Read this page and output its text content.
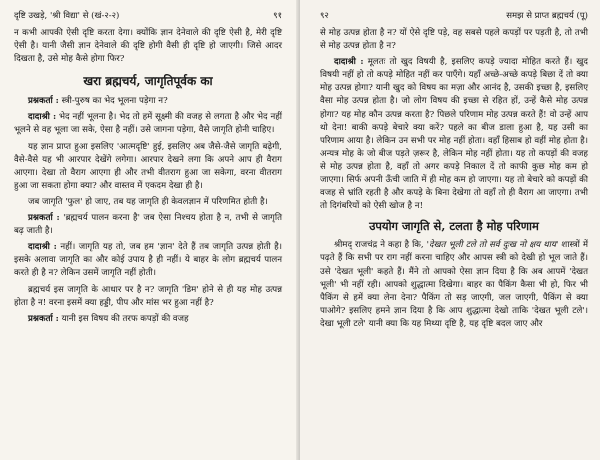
दृष्टि उखड़े, 'श्री विद्या' से (खं-२-२)	९१

न कभी आपकी ऐसी दृष्टि करता देगा। क्योंकि ज्ञान देनेवाले की दृष्टि ऐसी है, मेरी दृष्टि ऐसी है। यानी जैसी ज्ञान देनेवाले की दृष्टि होगी वैसी ही दृष्टि हो जाएगी। जिसे आदर दिखता है, उसे मोह कैसे होगा फिर?

खरा ब्रह्मचर्य, जागृतिपूर्वक का

प्रश्नकर्ता : स्त्री-पुरुष का भेद भूलना पड़ेगा न?

दादाश्री : भेद नहीं भूलना है। भेद तो हमें सूक्ष्मी की वजह से लगता है और भेद नहीं भूलने से वह भूला जा सके, ऐसा है नहीं। उसे जागना पड़ेगा, वैसे जागृति होनी चाहिए।

यह ज्ञान प्राप्त हुआ इसलिए 'आत्मदृष्टि' हुई, इसलिए अब जैसे-जैसे जागृति बढ़ेगी, वैसे-वैसे यह भी आरपार देखेंगे लगेगा। आरपार देखने लगा कि अपने आप ही वैराग आएगा। देखा तो वैराग आएगा ही और तभी वीतराग हुआ जा सकेगा, वरना वीतराग हुआ जा सकता होगा क्या? और वास्तव में एकदम देखा ही है।

जब जागृति 'फुल' हो जाए, तब यह जागृति ही केवलज्ञान में परिणमित होती है।

प्रश्नकर्ता : 'ब्रह्मचर्य पालन करना है' जब ऐसा निश्चय होता है न, तभी से जागृति बढ़ जाती है।

दादाश्री : नहीं। जागृति यह तो, जब हम 'ज्ञान' देते हैं तब जागृति उत्पन्न होती है। इसके अलावा जागृति का और कोई उपाय है ही नहीं। ये बाहर के लोग ब्रह्मचर्य पालन करते ही है न? लेकिन उसमें जागृति नहीं होती।

ब्रह्मचर्य इस जागृति के आधार पर है न? जागृति 'डिम' होने से ही यह मोह उत्पन्न होता है न! वरना इसमें क्या हड्डी, पीप और मांस भर हुआ नहीं है?

प्रश्नकर्ता : यानी इस विषय की तरफ कपड़ों की वजह

९२	समझ से प्राप्त ब्रह्मचर्य (पू)

से मोह उत्पन्न होता है न? यों ऐसे दृष्टि पड़े, वह सबसे पहले कपड़ों पर पड़ती है, तो तभी से मोह उत्पन्न होता है न?

दादाश्री : मूलतः तो खुद विषयी है, इसलिए कपड़े ज्यादा मोहित करते हैं। खुद विषयी नहीं हो तो कपड़े मोहित नहीं कर पाएँगे। यहाँ अच्छे-अच्छे कपड़े बिछा दें तो क्या मोह उत्पन्न होगा? यानी खुद को विषय का मज़ा और आनंद है, उसकी इच्छा है, इसलिए वैसा मोह उत्पन्न होता है। जो लोग विषय की इच्छा से रहित हों, उन्हें कैसे मोह उत्पन्न होगा? यह मोह कौन उत्पन्न करता है? पिछले परिणाम मोह उत्पन्न करते हैं! वो उन्हें आप थो देना! बाकी कपड़े बेचारे क्या करें? पहले का बीज डाला हुआ है, यह उसी का परिणाम आया है। लेकिन उन सभी पर मोह नहीं होता। वहाँ हिसाब हो वहीं मोह होता है। अन्यत्र मोह के जो बीज पड़ते ज़रूर है, लेकिन मोह नहीं होता। यह तो कपड़ों की वजह से मोह उत्पन्न होता है, वहाँ तो अगर कपड़े निकाल दें तो काफी कुछ मोह कम हो जाएगा। सिर्फ अपनी ऊँची जाति में ही मोह कम हो जाएगा। यह तो बेचारे को कपड़ों की वजह से भ्रांति रहती है और कपड़े के बिना देखेगा तो वहाँ तो ही वैराग आ जाएगा। तभी तो दिगंबरियों को ऐसी खोज है न!

उपयोग जागृति से, टलता है मोह परिणाम

श्रीमद् राजचंद्र ने कहा है कि, 'देखत भूली टले तो सर्व दुःख नो क्षय थाय' शास्त्रों में पढ़ते हैं कि सभी पर राग नहीं करना चाहिए और आपस स्त्री को देखी हो भूल जाते हैं। उसे 'देखत भूली' कहते हैं। मैंने तो आपको ऐसा ज्ञान दिया है कि अब आपमें 'देखत भूली' भी नहीं रही। आपको शुद्धात्मा दिखेगा। बाहर का पैकिंग कैसा भी हो, फिर भी पैकिंग से हमें क्या लेना देना? पैकिंग तो सड़ जाएगी, जल जाएगी, पैकिंग से क्या पाओगे? इसलिए हमने ज्ञान दिया है कि आप शुद्धात्मा देखो ताकि 'देखत भूली टले'। देखा भूली टले' यानी क्या कि यह मिथ्या दृष्टि है, यह दृष्टि बदल जाए और
